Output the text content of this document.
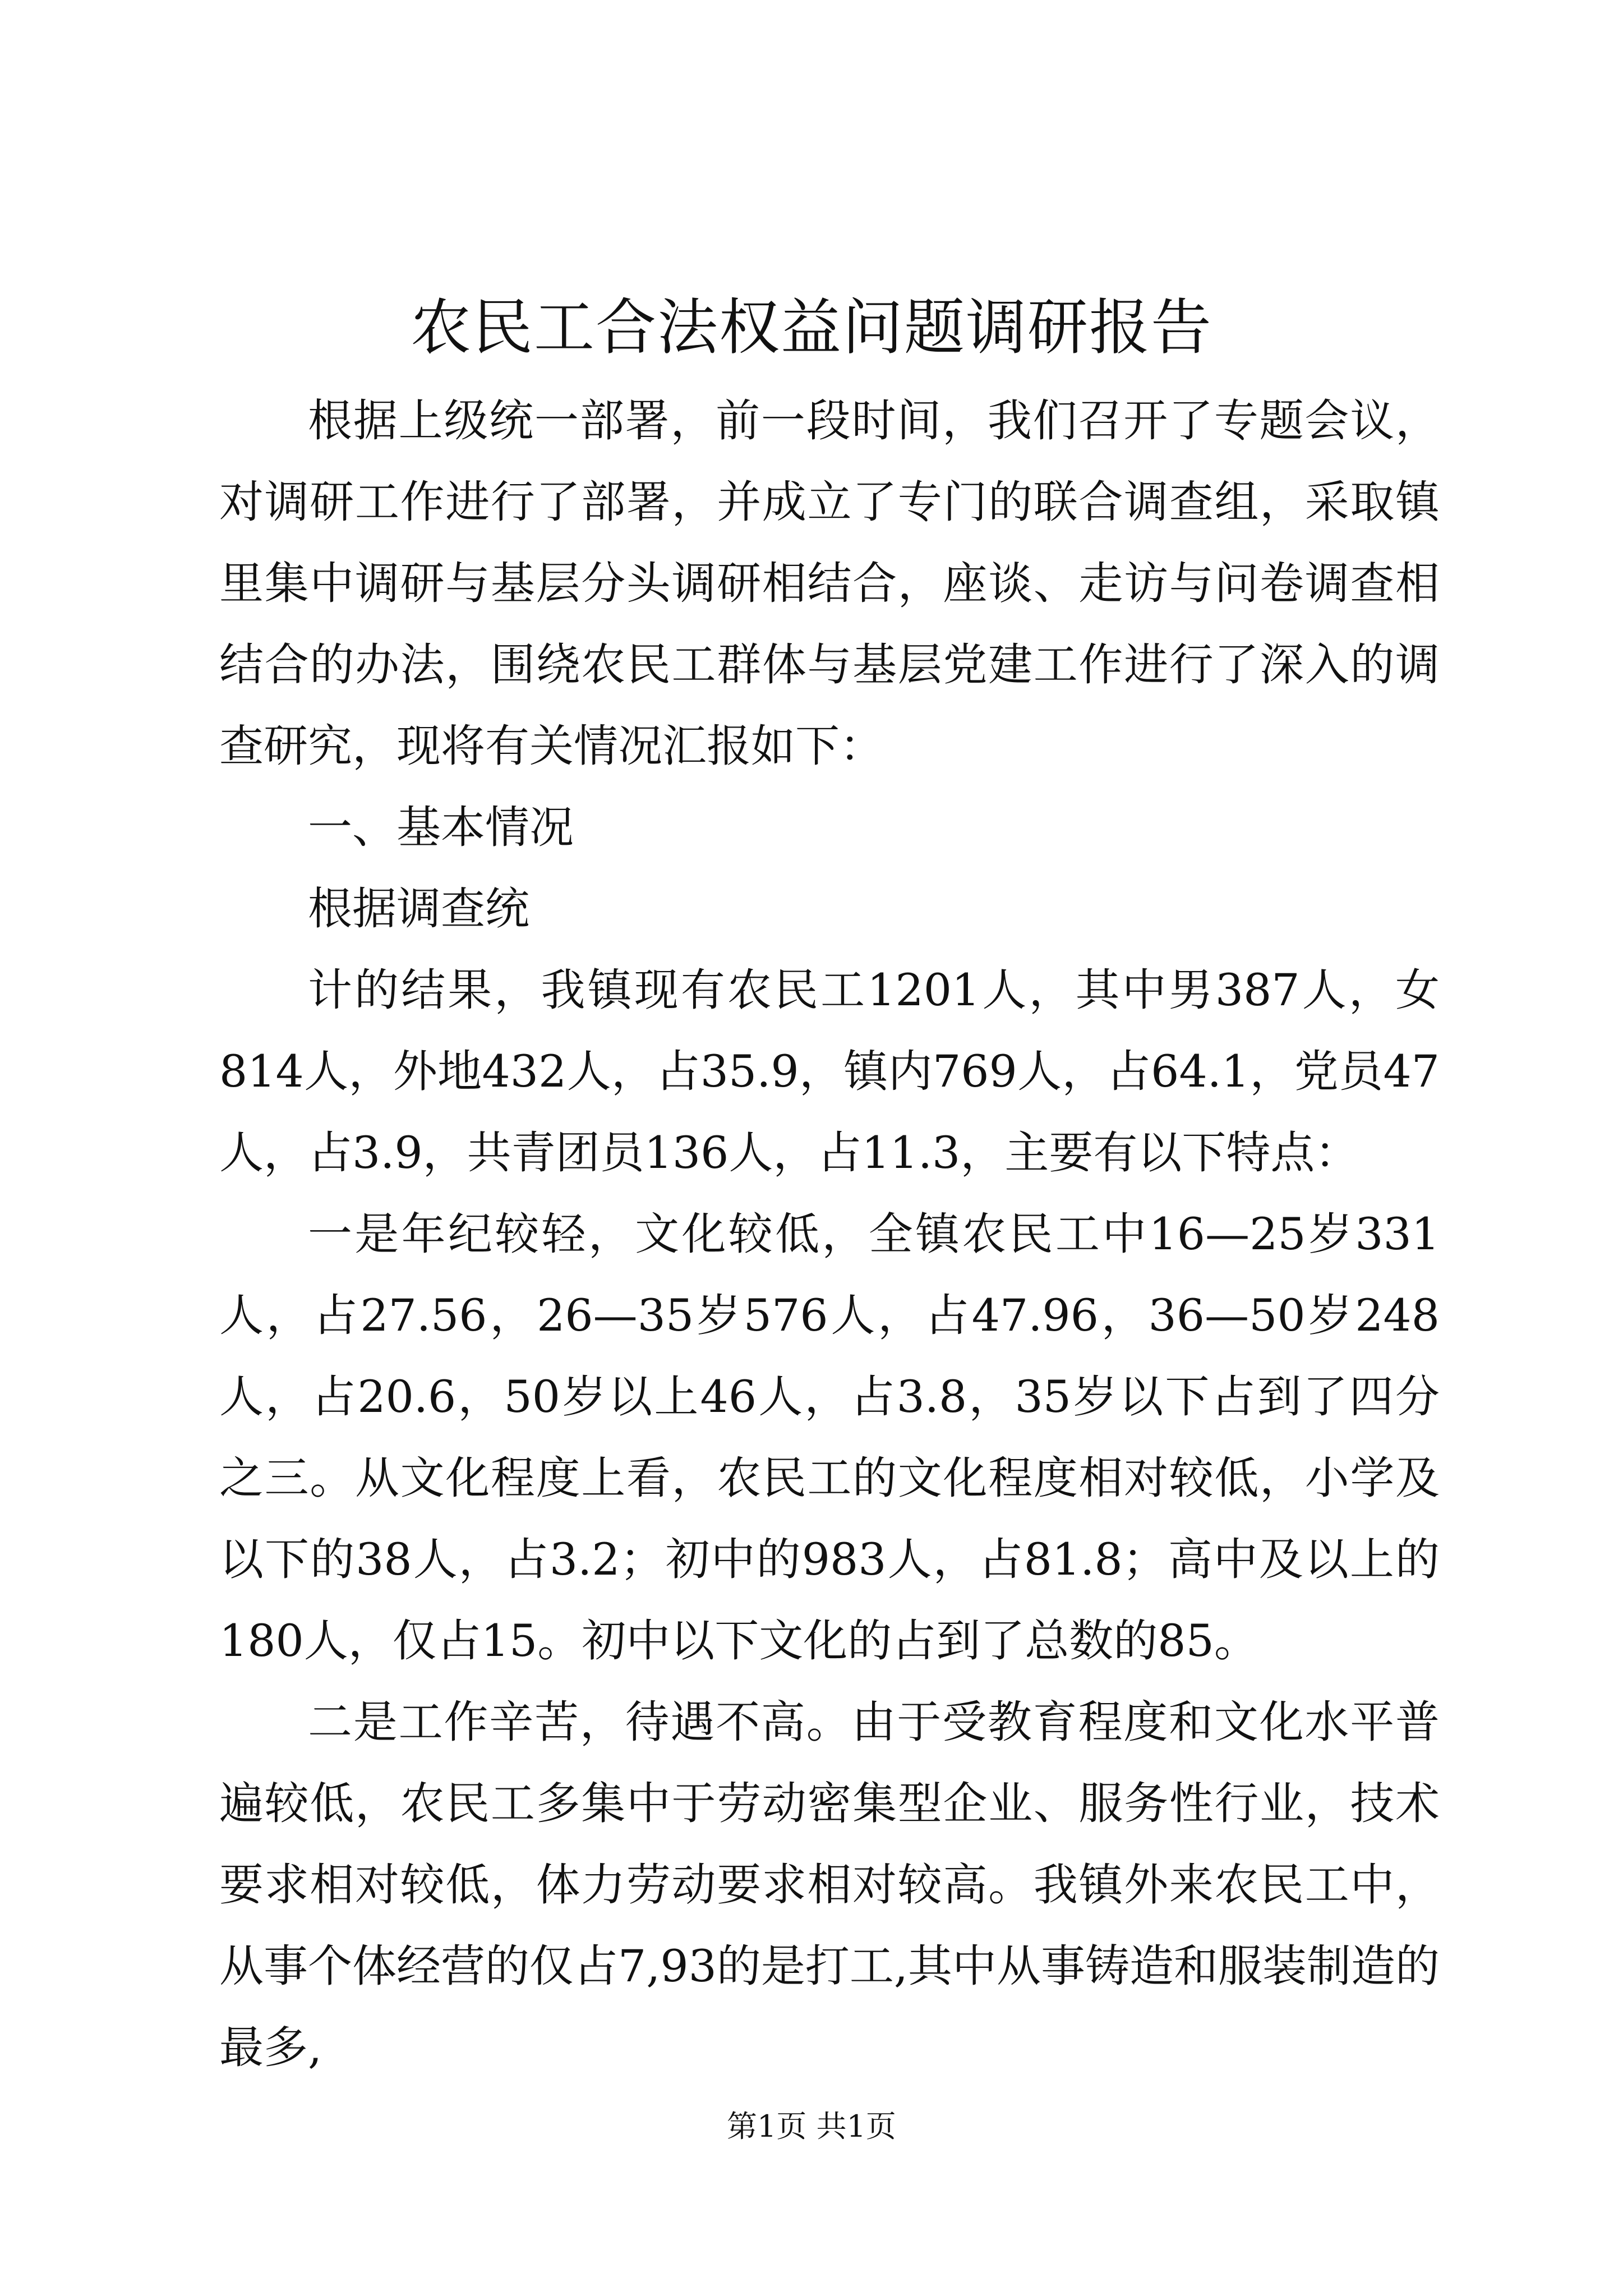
农民工合法权益问题调研报告

根据上级统一部署，前一段时间，我们召开了专题会议，对调研工作进行了部署，并成立了专门的联合调查组，采取镇里集中调研与基层分头调研相结合，座谈、走访与问卷调查相结合的办法，围绕农民工群体与基层党建工作进行了深入的调查研究，现将有关情况汇报如下：

一、基本情况

根据调查统

计的结果，我镇现有农民工1201人，其中男387人，女814人，外地432人，占35.9，镇内769人，占64.1，党员47人，占3.9，共青团员136人，占11.3，主要有以下特点：

一是年纪较轻，文化较低，全镇农民工中16—25岁331人，占27.56，26—35岁576人，占47.96，36—50岁248人，占20.6，50岁以上46人，占3.8，35岁以下占到了四分之三。从文化程度上看，农民工的文化程度相对较低，小学及以下的38人，占3.2；初中的983人，占81.8；高中及以上的180人，仅占15。初中以下文化的占到了总数的85。

二是工作辛苦，待遇不高。由于受教育程度和文化水平普遍较低，农民工多集中于劳动密集型企业、服务性行业，技术要求相对较低，体力劳动要求相对较高。我镇外来农民工中，从事个体经营的仅占7,93的是打工,其中从事铸造和服装制造的最多,

第1页 共1页
